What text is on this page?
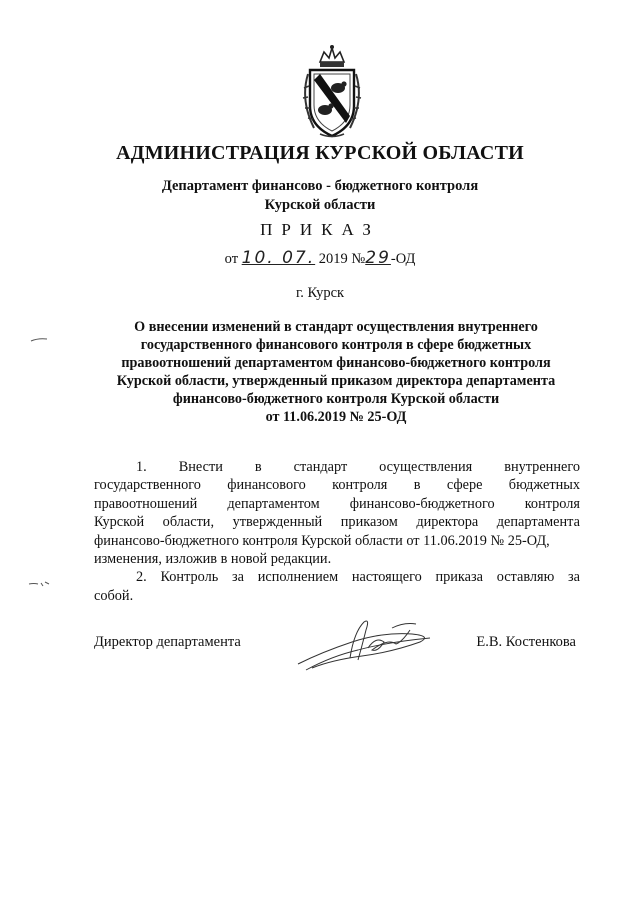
АДМИНИСТРАЦИЯ КУРСКОЙ ОБЛАСТИ
Департамент финансово - бюджетного контроля
Курской области
ПРИКАЗ
от 10. 07. 2019 №29-ОД
г. Курск
О внесении изменений в стандарт осуществления внутреннего
государственного финансового контроля в сфере бюджетных
правоотношений департаментом финансово-бюджетного контроля
Курской области, утвержденный приказом директора департамента
финансово-бюджетного контроля Курской области
от 11.06.2019 № 25-ОД
1. Внести в стандарт осуществления внутреннего
государственного финансового контроля в сфере бюджетных
правоотношений департаментом финансово-бюджетного контроля
Курской области, утвержденный приказом директора департамента
финансово-бюджетного контроля Курской области от 11.06.2019 № 25-ОД,
изменения, изложив в новой редакции.
2. Контроль за исполнением настоящего приказа оставляю за
собой.
Директор департамента	Е.В. Костенкова
